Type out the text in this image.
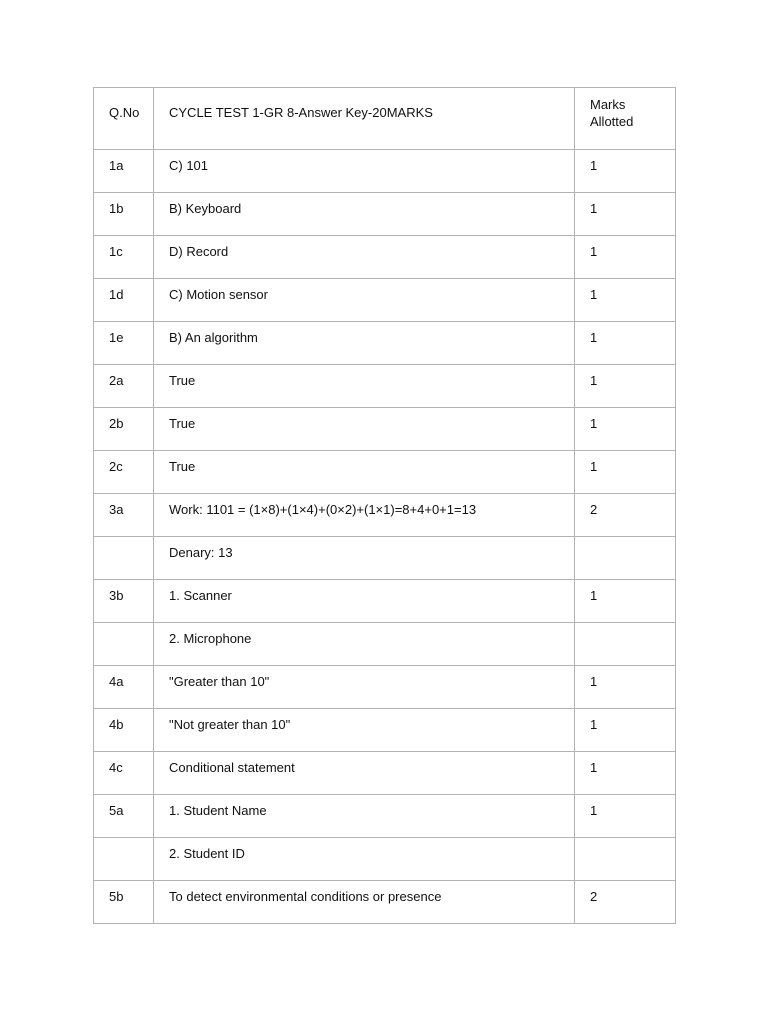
Q.No	CYCLE TEST 1-GR 8-Answer Key-20MARKS	Marks
Allotted
1a	C) 101	1
1b	B) Keyboard	1
1c	D) Record	1
1d	C) Motion sensor	1
1e	B) An algorithm	1
2a	True	1
2b	True	1
2c	True	1
3a	Work: 1101 = (1×8)+(1×4)+(0×2)+(1×1)=8+4+0+1=13	2
	Denary: 13	
3b	1. Scanner	1
	2. Microphone	
4a	"Greater than 10"	1
4b	"Not greater than 10"	1
4c	Conditional statement	1
5a	1. Student Name	1
	2. Student ID	
5b	To detect environmental conditions or presence	2
